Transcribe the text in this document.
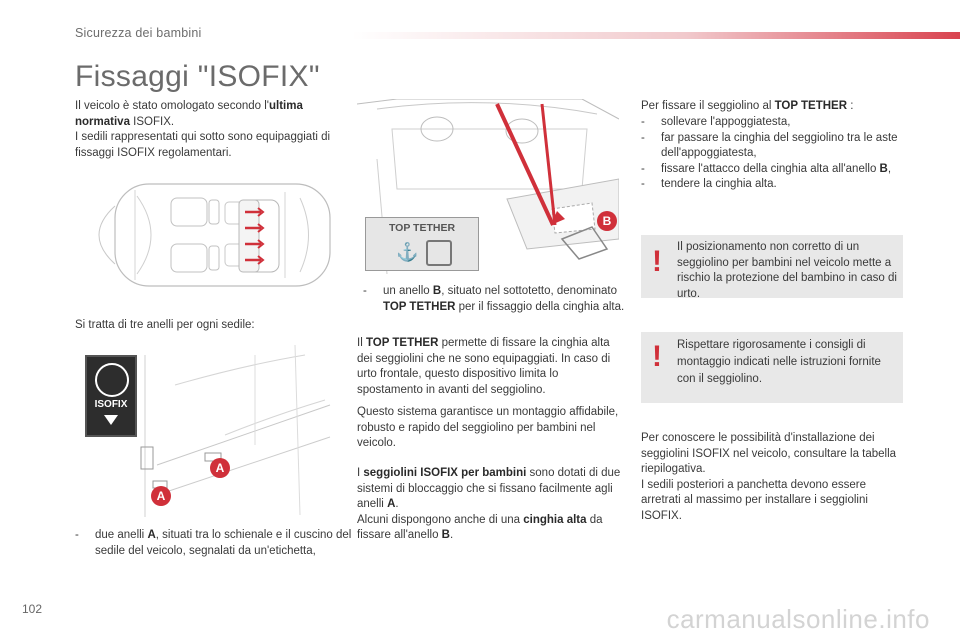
Sicurezza dei bambini
Fissaggi "ISOFIX"
Il veicolo è stato omologato secondo l'ultima normativa ISOFIX.
I sedili rappresentati qui sotto sono equipaggiati di fissaggi ISOFIX regolamentari.
Si tratta di tre anelli per ogni sedile:
ISOFIX
A
A
- due anelli A, situati tra lo schienale e il cuscino del sedile del veicolo, segnalati da un'etichetta,
TOP TETHER
⚓
B
- un anello B, situato nel sottotetto, denominato TOP TETHER per il fissaggio della cinghia alta.
Il TOP TETHER permette di fissare la cinghia alta dei seggiolini che ne sono equipaggiati. In caso di urto frontale, questo dispositivo limita lo spostamento in avanti del seggiolino.
Questo sistema garantisce un montaggio affidabile, robusto e rapido del seggiolino per bambini nel veicolo.
I seggiolini ISOFIX per bambini sono dotati di due sistemi di bloccaggio che si fissano facilmente agli anelli A.
Alcuni dispongono anche di una cinghia alta da fissare all'anello B.
Per fissare il seggiolino al TOP TETHER :
- sollevare l'appoggiatesta,
- far passare la cinghia del seggiolino tra le aste dell'appoggiatesta,
- fissare l'attacco della cinghia alta all'anello B,
- tendere la cinghia alta.
! Il posizionamento non corretto di un seggiolino per bambini nel veicolo mette a rischio la protezione del bambino in caso di urto.
! Rispettare rigorosamente i consigli di montaggio indicati nelle istruzioni fornite con il seggiolino.
Per conoscere le possibilità d'installazione dei seggiolini ISOFIX nel veicolo, consultare la tabella riepilogativa.
I sedili posteriori a panchetta devono essere arretrati al massimo per installare i seggiolini ISOFIX.
102	carmanualsonline.info
